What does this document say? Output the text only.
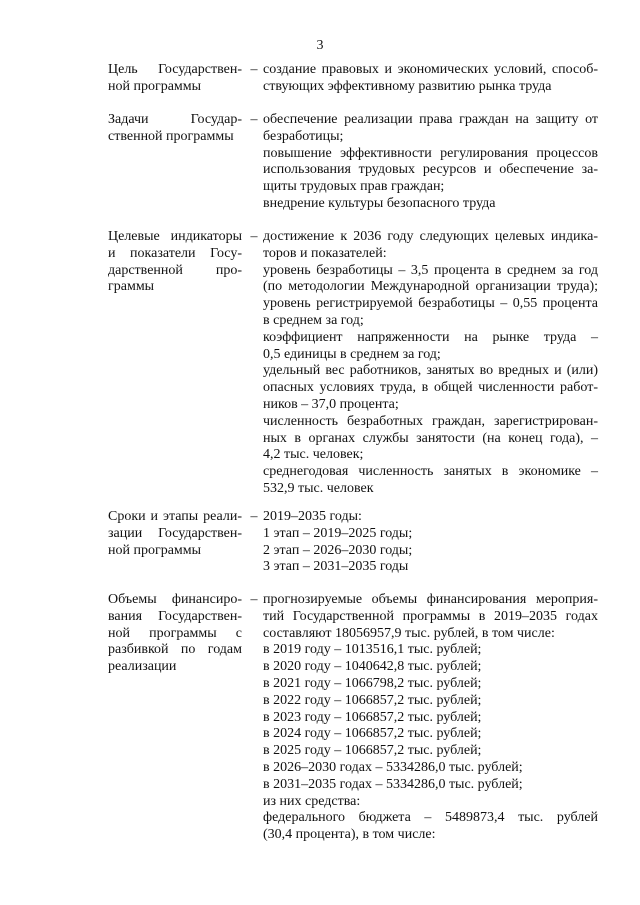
3
Цель Государствен-
ной программы
– создание правовых и экономических условий, способ-
ствующих эффективному развитию рынка труда
Задачи Государ-
ственной программы
– обеспечение реализации права граждан на защиту от
безработицы;
повышение эффективности регулирования процессов
использования трудовых ресурсов и обеспечение за-
щиты трудовых прав граждан;
внедрение культуры безопасного труда
Целевые индикаторы
и показатели Госу-
дарственной про-
граммы
– достижение к 2036 году следующих целевых индика-
торов и показателей:
уровень безработицы – 3,5 процента в среднем за год
(по методологии Международной организации труда);
уровень регистрируемой безработицы – 0,55 процента
в среднем за год;
коэффициент напряженности на рынке труда –
0,5 единицы в среднем за год;
удельный вес работников, занятых во вредных и (или)
опасных условиях труда, в общей численности работ-
ников – 37,0 процента;
численность безработных граждан, зарегистрирован-
ных в органах службы занятости (на конец года), –
4,2 тыс. человек;
среднегодовая численность занятых в экономике –
532,9 тыс. человек
Сроки и этапы реали-
зации Государствен-
ной программы
– 2019–2035 годы:
1 этап – 2019–2025 годы;
2 этап – 2026–2030 годы;
3 этап – 2031–2035 годы
Объемы финансиро-
вания Государствен-
ной программы с
разбивкой по годам
реализации
– прогнозируемые объемы финансирования мероприя-
тий Государственной программы в 2019–2035 годах
составляют 18056957,9 тыс. рублей, в том числе:
в 2019 году – 1013516,1 тыс. рублей;
в 2020 году – 1040642,8 тыс. рублей;
в 2021 году – 1066798,2 тыс. рублей;
в 2022 году – 1066857,2 тыс. рублей;
в 2023 году – 1066857,2 тыс. рублей;
в 2024 году – 1066857,2 тыс. рублей;
в 2025 году – 1066857,2 тыс. рублей;
в 2026–2030 годах – 5334286,0 тыс. рублей;
в 2031–2035 годах – 5334286,0 тыс. рублей;
из них средства:
федерального бюджета – 5489873,4 тыс. рублей
(30,4 процента), в том числе:
